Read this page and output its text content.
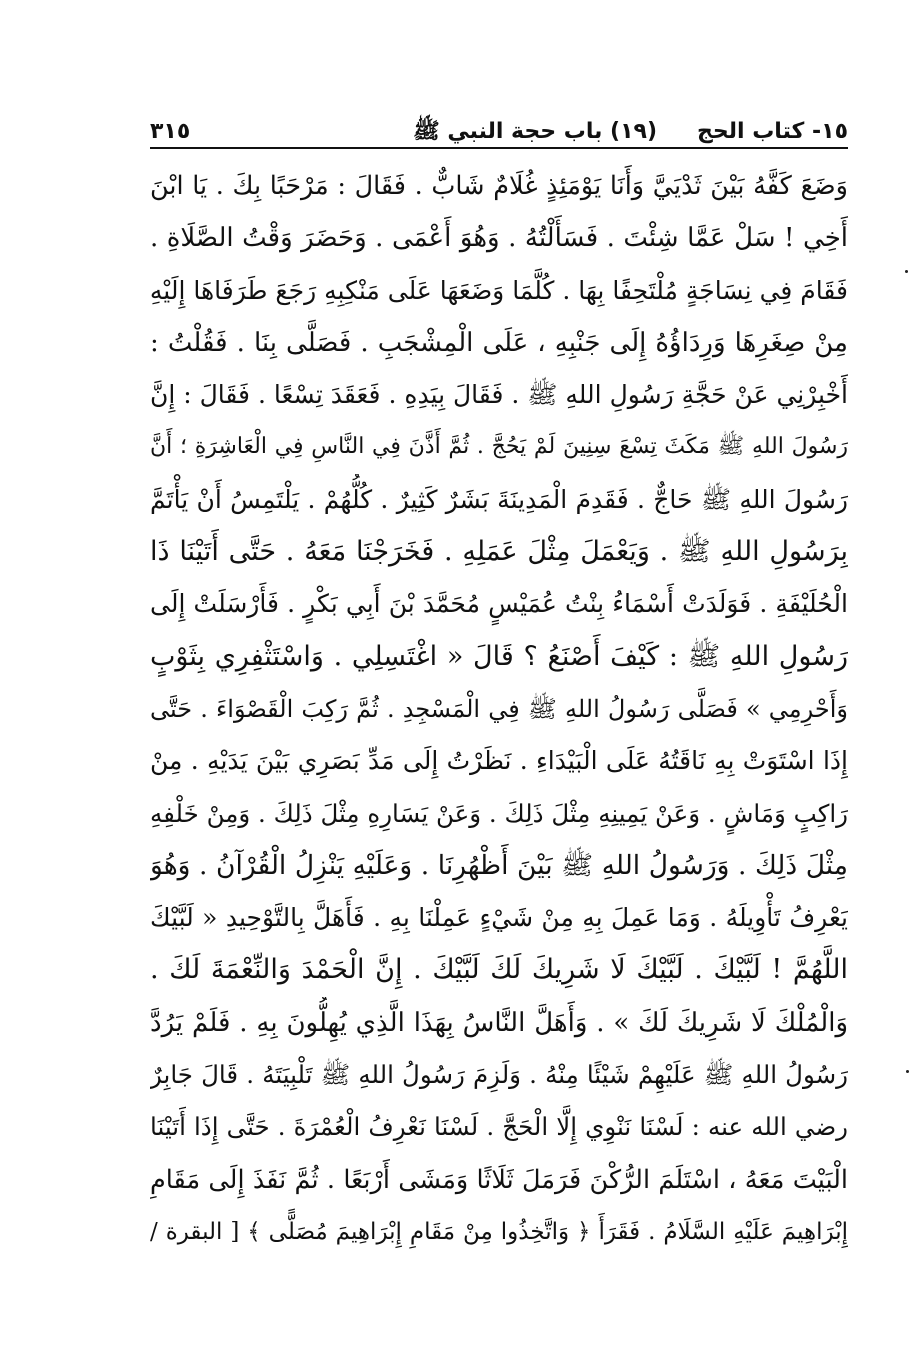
١٥- كتاب الحج
(١٩) باب حجة النبي ﷺ
٣١٥
وَضَعَ كَفَّهُ بَيْنَ ثَدْيَيَّ وَأَنَا يَوْمَئِذٍ غُلَامٌ شَابٌّ . فَقَالَ : مَرْحَبًا بِكَ . يَا ابْنَ
أَخِي ! سَلْ عَمَّا شِئْتَ . فَسَأَلْتُهُ . وَهُوَ أَعْمَى . وَحَضَرَ وَقْتُ الصَّلَاةِ .
فَقَامَ فِي نِسَاجَةٍ مُلْتَحِفًا بِهَا . كُلَّمَا وَضَعَهَا عَلَى مَنْكِبِهِ رَجَعَ طَرَفَاهَا إِلَيْهِ
مِنْ صِغَرِهَا وَرِدَاؤُهُ إِلَى جَنْبِهِ ، عَلَى الْمِشْجَبِ . فَصَلَّى بِنَا . فَقُلْتُ :
أَخْبِرْنِي عَنْ حَجَّةِ رَسُولِ اللهِ ﷺ . فَقَالَ بِيَدِهِ . فَعَقَدَ تِسْعًا . فَقَالَ : إِنَّ
رَسُولَ اللهِ ﷺ مَكَثَ تِسْعَ سِنِينَ لَمْ يَحُجَّ . ثُمَّ أَذَّنَ فِي النَّاسِ فِي الْعَاشِرَةِ ؛ أَنَّ
رَسُولَ اللهِ ﷺ حَاجٌّ . فَقَدِمَ الْمَدِينَةَ بَشَرٌ كَثِيرٌ . كُلُّهُمْ . يَلْتَمِسُ أَنْ يَأْتَمَّ
بِرَسُولِ اللهِ ﷺ . وَيَعْمَلَ مِثْلَ عَمَلِهِ . فَخَرَجْنَا مَعَهُ . حَتَّى أَتَيْنَا ذَا
الْحُلَيْفَةِ . فَوَلَدَتْ أَسْمَاءُ بِنْتُ عُمَيْسٍ مُحَمَّدَ بْنَ أَبِي بَكْرٍ . فَأَرْسَلَتْ إِلَى
رَسُولِ اللهِ ﷺ : كَيْفَ أَصْنَعُ ؟ قَالَ « اغْتَسِلِي . وَاسْتَثْفِرِي بِثَوْبٍ
وَأَحْرِمِي » فَصَلَّى رَسُولُ اللهِ ﷺ فِي الْمَسْجِدِ . ثُمَّ رَكِبَ الْقَصْوَاءَ . حَتَّى
إِذَا اسْتَوَتْ بِهِ نَاقَتُهُ عَلَى الْبَيْدَاءِ . نَظَرْتُ إِلَى مَدِّ بَصَرِي بَيْنَ يَدَيْهِ . مِنْ
رَاكِبٍ وَمَاشٍ . وَعَنْ يَمِينِهِ مِثْلَ ذَلِكَ . وَعَنْ يَسَارِهِ مِثْلَ ذَلِكَ . وَمِنْ خَلْفِهِ
مِثْلَ ذَلِكَ . وَرَسُولُ اللهِ ﷺ بَيْنَ أَظْهُرِنَا . وَعَلَيْهِ يَنْزِلُ الْقُرْآنُ . وَهُوَ
يَعْرِفُ تَأْوِيلَهُ . وَمَا عَمِلَ بِهِ مِنْ شَيْءٍ عَمِلْنَا بِهِ . فَأَهَلَّ بِالتَّوْحِيدِ « لَبَّيْكَ
اللَّهُمَّ ! لَبَّيْكَ . لَبَّيْكَ لَا شَرِيكَ لَكَ لَبَّيْكَ . إِنَّ الْحَمْدَ وَالنِّعْمَةَ لَكَ .
وَالْمُلْكَ لَا شَرِيكَ لَكَ » . وَأَهَلَّ النَّاسُ بِهَذَا الَّذِي يُهِلُّونَ بِهِ . فَلَمْ يَرُدَّ
رَسُولُ اللهِ ﷺ عَلَيْهِمْ شَيْئًا مِنْهُ . وَلَزِمَ رَسُولُ اللهِ ﷺ تَلْبِيَتَهُ . قَالَ جَابِرٌ
رضي الله عنه : لَسْنَا نَنْوِي إِلَّا الْحَجَّ . لَسْنَا نَعْرِفُ الْعُمْرَةَ . حَتَّى إِذَا أَتَيْنَا
الْبَيْتَ مَعَهُ ، اسْتَلَمَ الرُّكْنَ فَرَمَلَ ثَلَاثًا وَمَشَى أَرْبَعًا . ثُمَّ نَفَذَ إِلَى مَقَامِ
إِبْرَاهِيمَ عَلَيْهِ السَّلَامُ . فَقَرَأَ ﴿ وَاتَّخِذُوا مِنْ مَقَامِ إِبْرَاهِيمَ مُصَلًّى ﴾ [ البقرة /
